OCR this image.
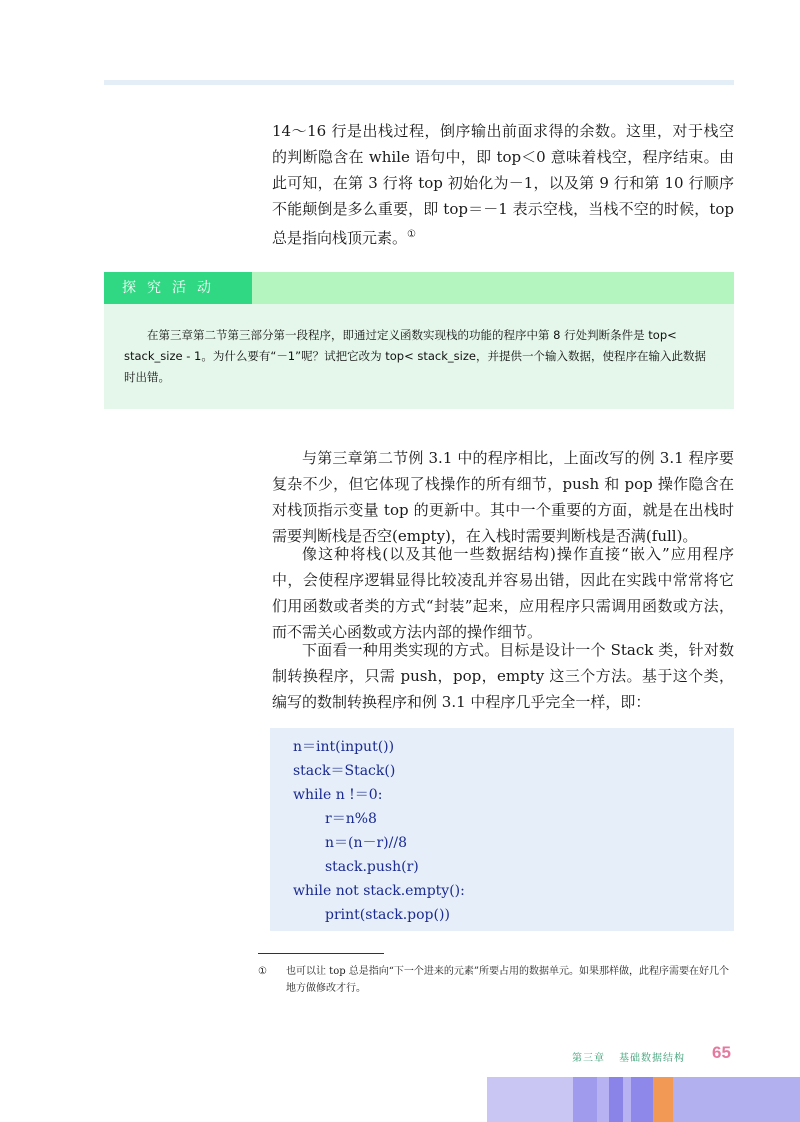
14～16 行是出栈过程，倒序输出前面求得的余数。这里，对于栈空的判断隐含在 while 语句中，即 top＜0 意味着栈空，程序结束。由此可知，在第 3 行将 top 初始化为－1，以及第 9 行和第 10 行顺序不能颠倒是多么重要，即 top＝－1 表示空栈，当栈不空的时候，top 总是指向栈顶元素。①

探究活动

在第三章第二节第三部分第一段程序，即通过定义函数实现栈的功能的程序中第 8 行处判断条件是 top< stack_size - 1。为什么要有“－1”呢？试把它改为 top< stack_size，并提供一个输入数据，使程序在输入此数据时出错。

与第三章第二节例 3.1 中的程序相比，上面改写的例 3.1 程序要复杂不少，但它体现了栈操作的所有细节，push 和 pop 操作隐含在对栈顶指示变量 top 的更新中。其中一个重要的方面，就是在出栈时需要判断栈是否空(empty)，在入栈时需要判断栈是否满(full)。

像这种将栈(以及其他一些数据结构)操作直接“嵌入”应用程序中，会使程序逻辑显得比较凌乱并容易出错，因此在实践中常常将它们用函数或者类的方式“封装”起来，应用程序只需调用函数或方法，而不需关心函数或方法内部的操作细节。

下面看一种用类实现的方式。目标是设计一个 Stack 类，针对数制转换程序，只需 push，pop，empty 这三个方法。基于这个类，编写的数制转换程序和例 3.1 中程序几乎完全一样，即：

n＝int(input())
stack＝Stack()
while n !＝0:
r＝n%8
n＝(n－r)//8
stack.push(r)
while not stack.empty():
print(stack.pop())

① 也可以让 top 总是指向“下一个进来的元素”所要占用的数据单元。如果那样做，此程序需要在好几个地方做修改才行。

第三章 基础数据结构	65
